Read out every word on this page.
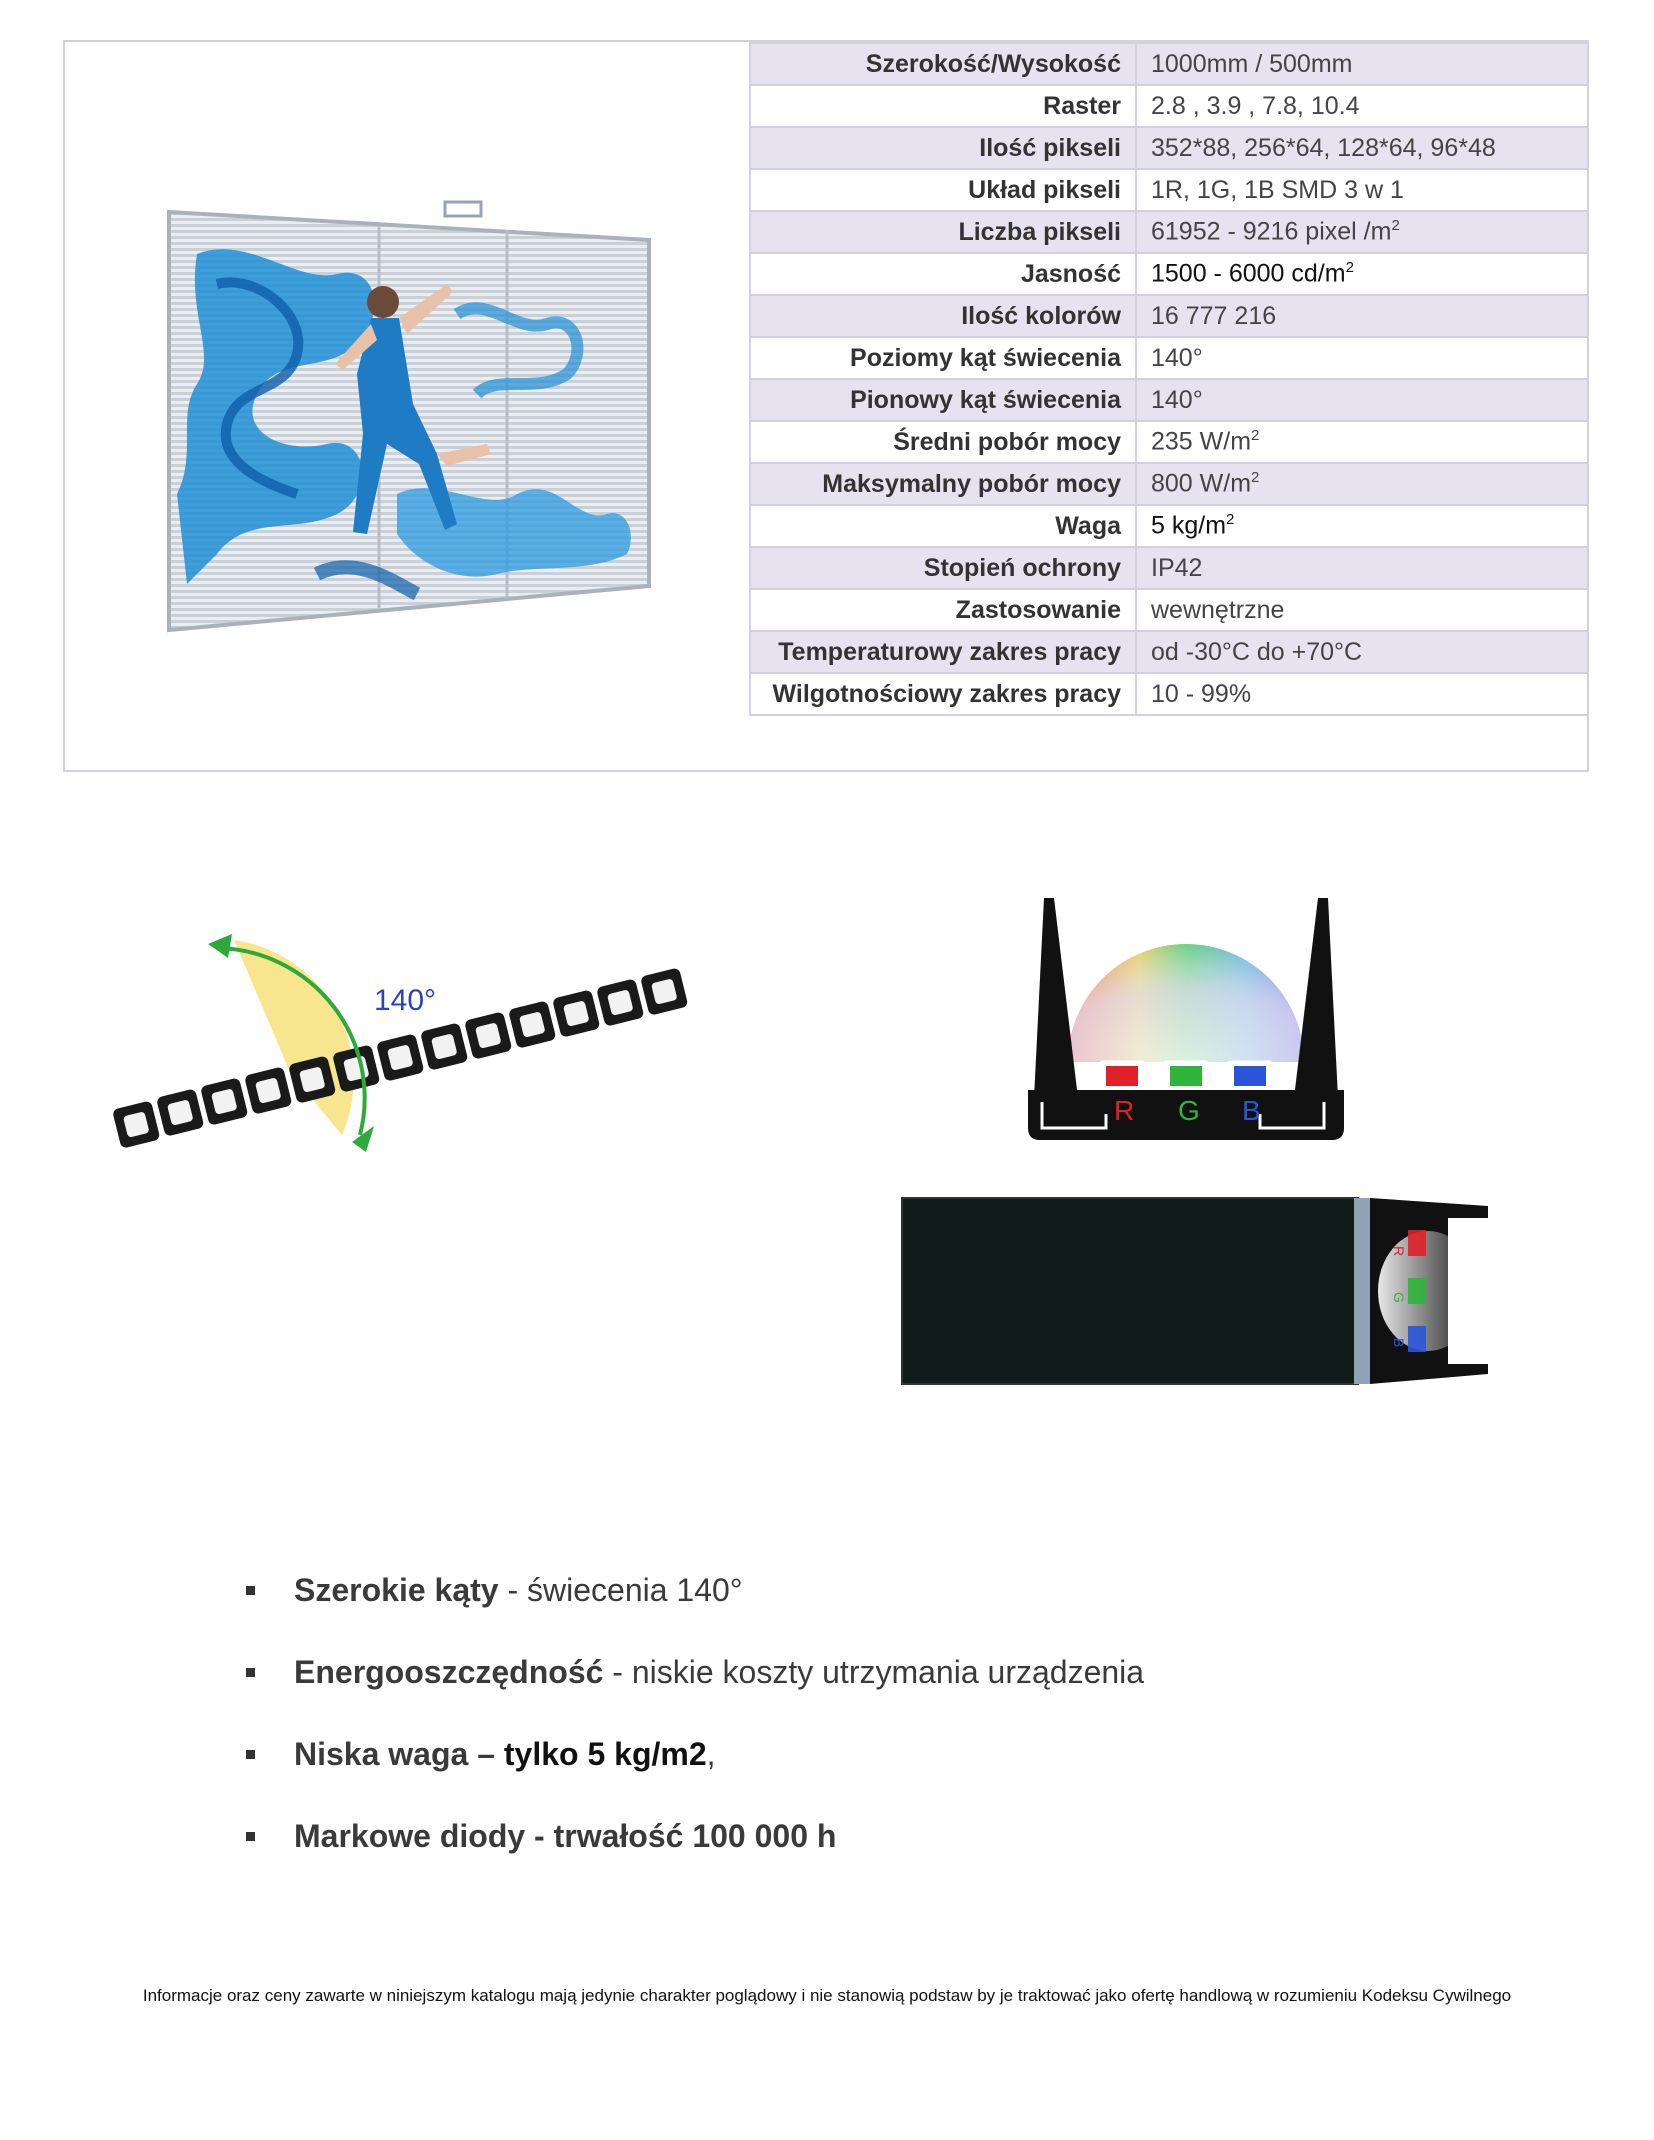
Szerokość/Wysokość	1000mm / 500mm
Raster	2.8 , 3.9 , 7.8, 10.4
Ilość pikseli	352*88, 256*64, 128*64, 96*48
Układ pikseli	1R, 1G, 1B SMD 3 w 1
Liczba pikseli	61952 - 9216 pixel $/m^2$
Jasność	1500 - 6000 $cd/m^2$
Ilość kolorów	16 777 216
Poziomy kąt świecenia	140°
Pionowy kąt świecenia	140°
Średni pobór mocy	235 $W/m^2$
Maksymalny pobór mocy	800 $W/m^2$
Waga	5 $kg/m^2$
Stopień ochrony	IP42
Zastosowanie	wewnętrzne
Temperaturowy zakres pracy	od -30°C do +70°C
Wilgotnościowy zakres pracy	10 - 99%
140°
R G B
R
G
B
Szerokie kąty - świecenia 140°
Energooszczędność - niskie koszty utrzymania urządzenia
Niska waga – tylko 5 kg/m2,
Markowe diody - trwałość 100 000 h
Informacje oraz ceny zawarte w niniejszym katalogu mają jedynie charakter poglądowy i nie stanowią podstaw by je traktować jako ofertę handlową w rozumieniu Kodeksu Cywilnego
